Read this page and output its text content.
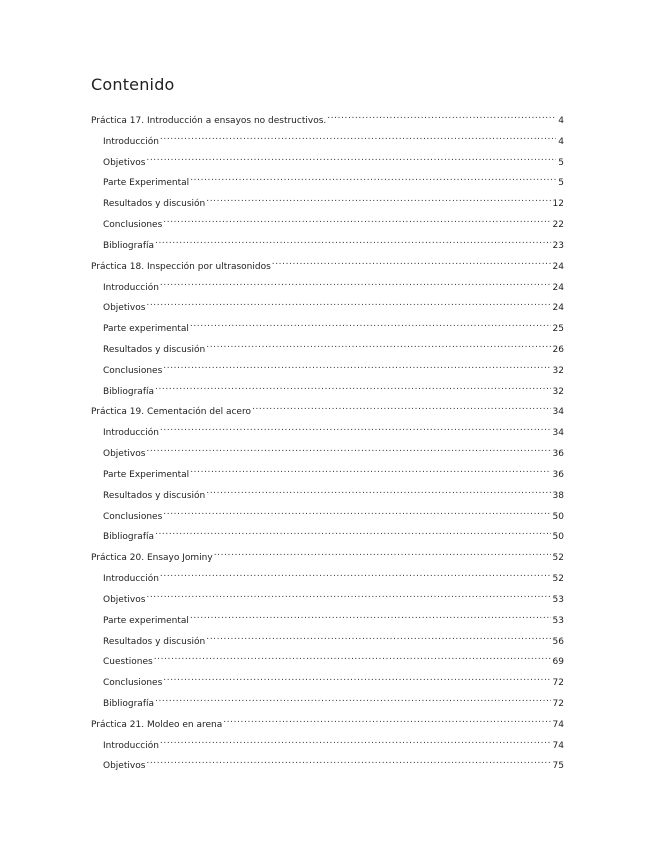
Contenido
Práctica 17. Introducción a ensayos no destructivos. .....	4
Introducción .....	4
Objetivos .....	5
Parte Experimental .....	5
Resultados y discusión .....	12
Conclusiones .....	22
Bibliografía .....	23
Práctica 18. Inspección por ultrasonidos .....	24
Introducción .....	24
Objetivos .....	24
Parte experimental .....	25
Resultados y discusión .....	26
Conclusiones .....	32
Bibliografía .....	32
Práctica 19. Cementación del acero .....	34
Introducción .....	34
Objetivos .....	36
Parte Experimental .....	36
Resultados y discusión .....	38
Conclusiones .....	50
Bibliografía .....	50
Práctica 20. Ensayo Jominy .....	52
Introducción .....	52
Objetivos .....	53
Parte experimental .....	53
Resultados y discusión .....	56
Cuestiones .....	69
Conclusiones .....	72
Bibliografía .....	72
Práctica 21. Moldeo en arena .....	74
Introducción .....	74
Objetivos .....	75
